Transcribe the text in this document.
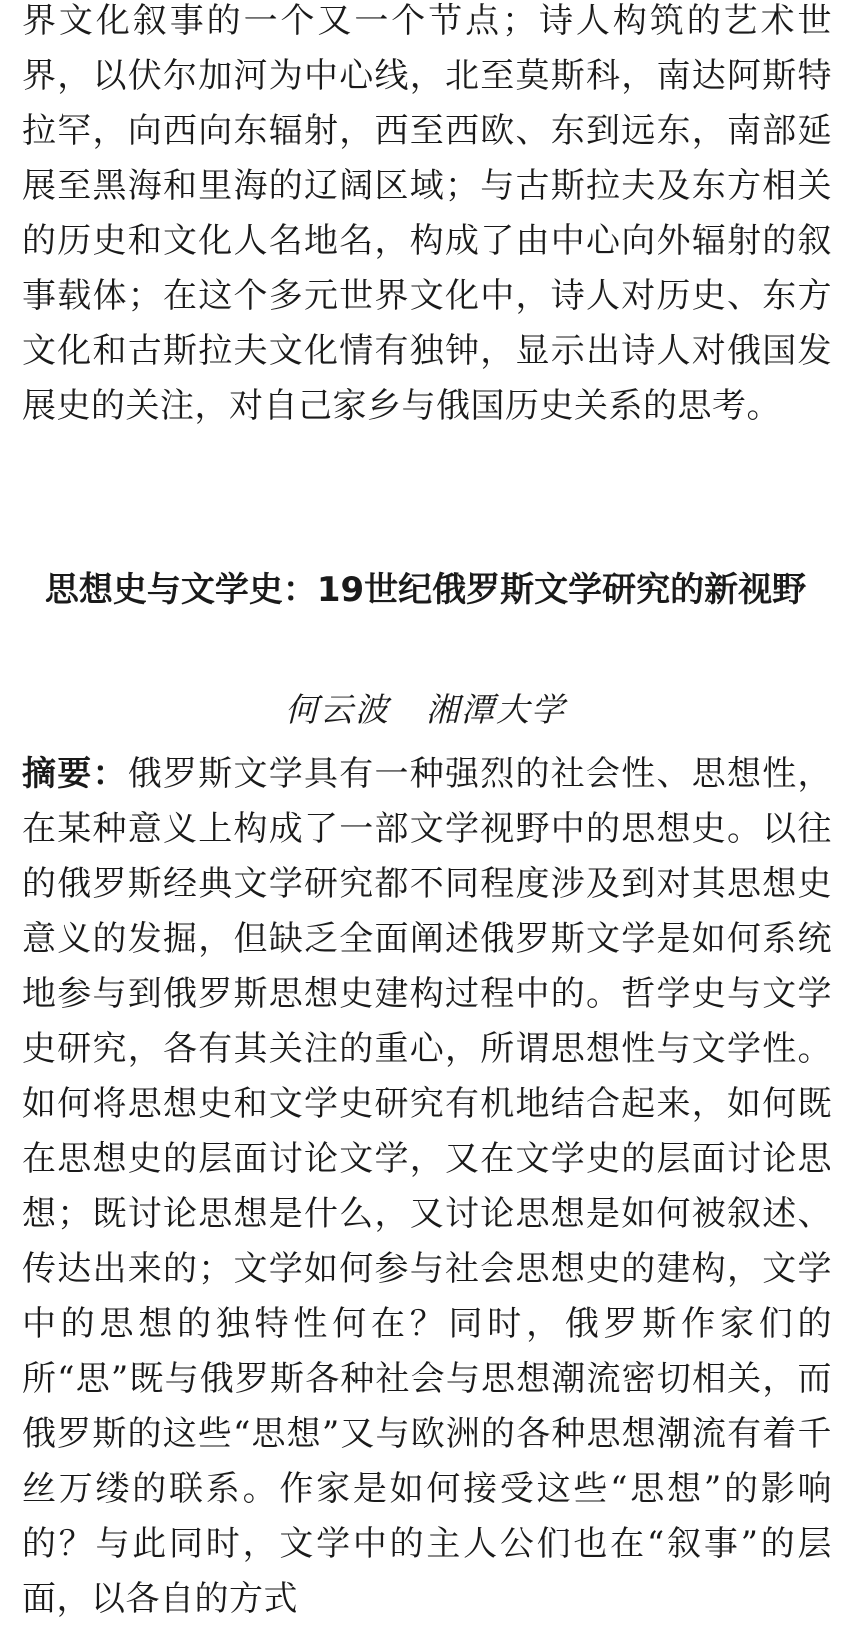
界文化叙事的一个又一个节点；诗人构筑的艺术世界，以伏尔加河为中心线，北至莫斯科，南达阿斯特拉罕，向西向东辐射，西至西欧、东到远东，南部延展至黑海和里海的辽阔区域；与古斯拉夫及东方相关的历史和文化人名地名，构成了由中心向外辐射的叙事载体；在这个多元世界文化中，诗人对历史、东方文化和古斯拉夫文化情有独钟，显示出诗人对俄国发展史的关注，对自己家乡与俄国历史关系的思考。
思想史与文学史：19世纪俄罗斯文学研究的新视野
何云波 湘潭大学
摘要：俄罗斯文学具有一种强烈的社会性、思想性，在某种意义上构成了一部文学视野中的思想史。以往的俄罗斯经典文学研究都不同程度涉及到对其思想史意义的发掘，但缺乏全面阐述俄罗斯文学是如何系统地参与到俄罗斯思想史建构过程中的。哲学史与文学史研究，各有其关注的重心，所谓思想性与文学性。如何将思想史和文学史研究有机地结合起来，如何既在思想史的层面讨论文学，又在文学史的层面讨论思想；既讨论思想是什么，又讨论思想是如何被叙述、传达出来的；文学如何参与社会思想史的建构，文学中的思想的独特性何在？同时，俄罗斯作家们的所“思”既与俄罗斯各种社会与思想潮流密切相关，而俄罗斯的这些“思想”又与欧洲的各种思想潮流有着千丝万缕的联系。作家是如何接受这些“思想”的影响的？与此同时，文学中的主人公们也在“叙事”的层面，以各自的方式
